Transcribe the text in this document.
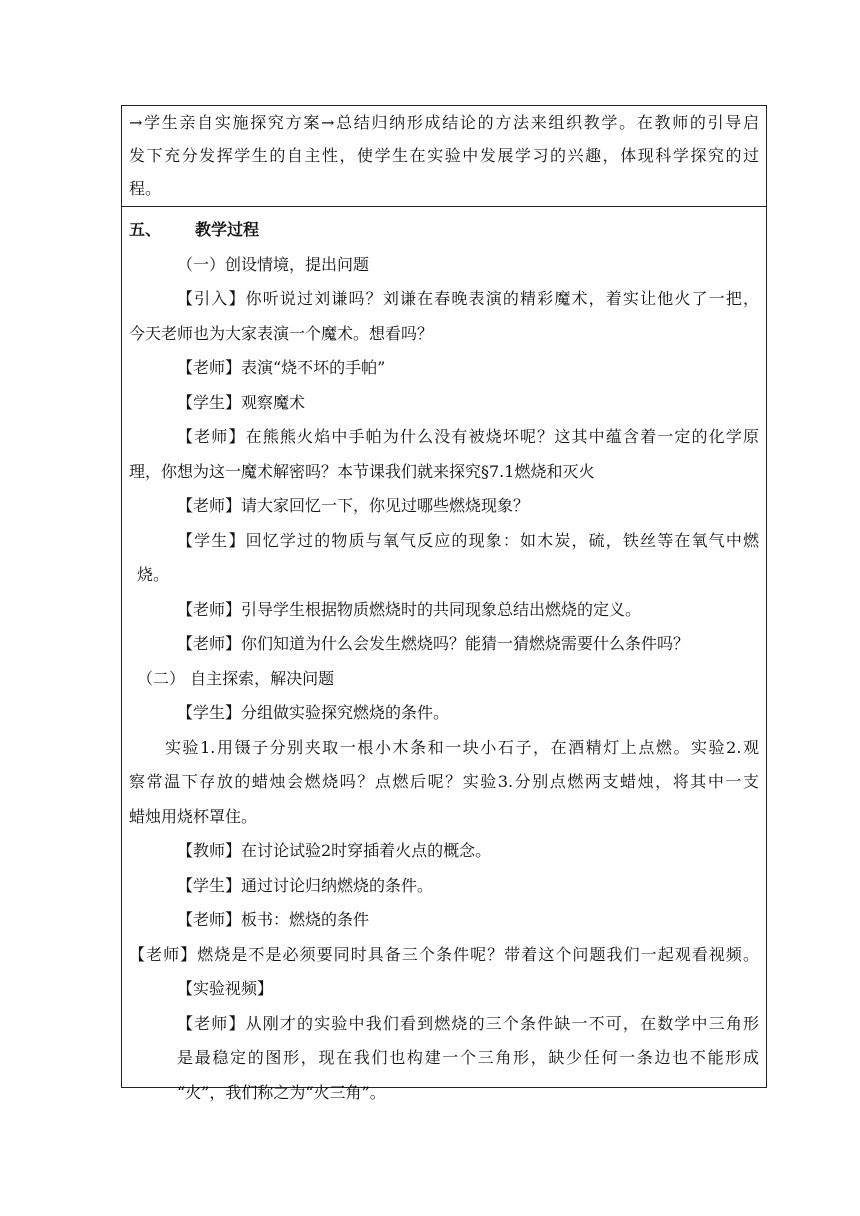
→学生亲自实施探究方案→总结归纳形成结论的方法来组织教学。在教师的引导启
发下充分发挥学生的自主性，使学生在实验中发展学习的兴趣，体现科学探究的过
程。
五、 教学过程
（一）创设情境，提出问题
【引入】你听说过刘谦吗？刘谦在春晚表演的精彩魔术，着实让他火了一把，
今天老师也为大家表演一个魔术。想看吗？
【老师】表演“烧不坏的手帕”
【学生】观察魔术
【老师】在熊熊火焰中手帕为什么没有被烧坏呢？这其中蕴含着一定的化学原
理，你想为这一魔术解密吗？本节课我们就来探究§7.1燃烧和灭火
【老师】请大家回忆一下，你见过哪些燃烧现象？
【学生】回忆学过的物质与氧气反应的现象：如木炭，硫，铁丝等在氧气中燃
烧。
【老师】引导学生根据物质燃烧时的共同现象总结出燃烧的定义。
【老师】你们知道为什么会发生燃烧吗？能猜一猜燃烧需要什么条件吗？
（二） 自主探索，解决问题
【学生】分组做实验探究燃烧的条件。
实验1.用镊子分别夹取一根小木条和一块小石子，在酒精灯上点燃。实验2.观
察常温下存放的蜡烛会燃烧吗？点燃后呢？实验3.分别点燃两支蜡烛，将其中一支
蜡烛用烧杯罩住。
【教师】在讨论试验2时穿插着火点的概念。
【学生】通过讨论归纳燃烧的条件。
【老师】板书：燃烧的条件
【老师】燃烧是不是必须要同时具备三个条件呢？带着这个问题我们一起观看视频。
【实验视频】
【老师】从刚才的实验中我们看到燃烧的三个条件缺一不可，在数学中三角形
是最稳定的图形，现在我们也构建一个三角形，缺少任何一条边也不能形成
“火”，我们称之为“火三角”。
